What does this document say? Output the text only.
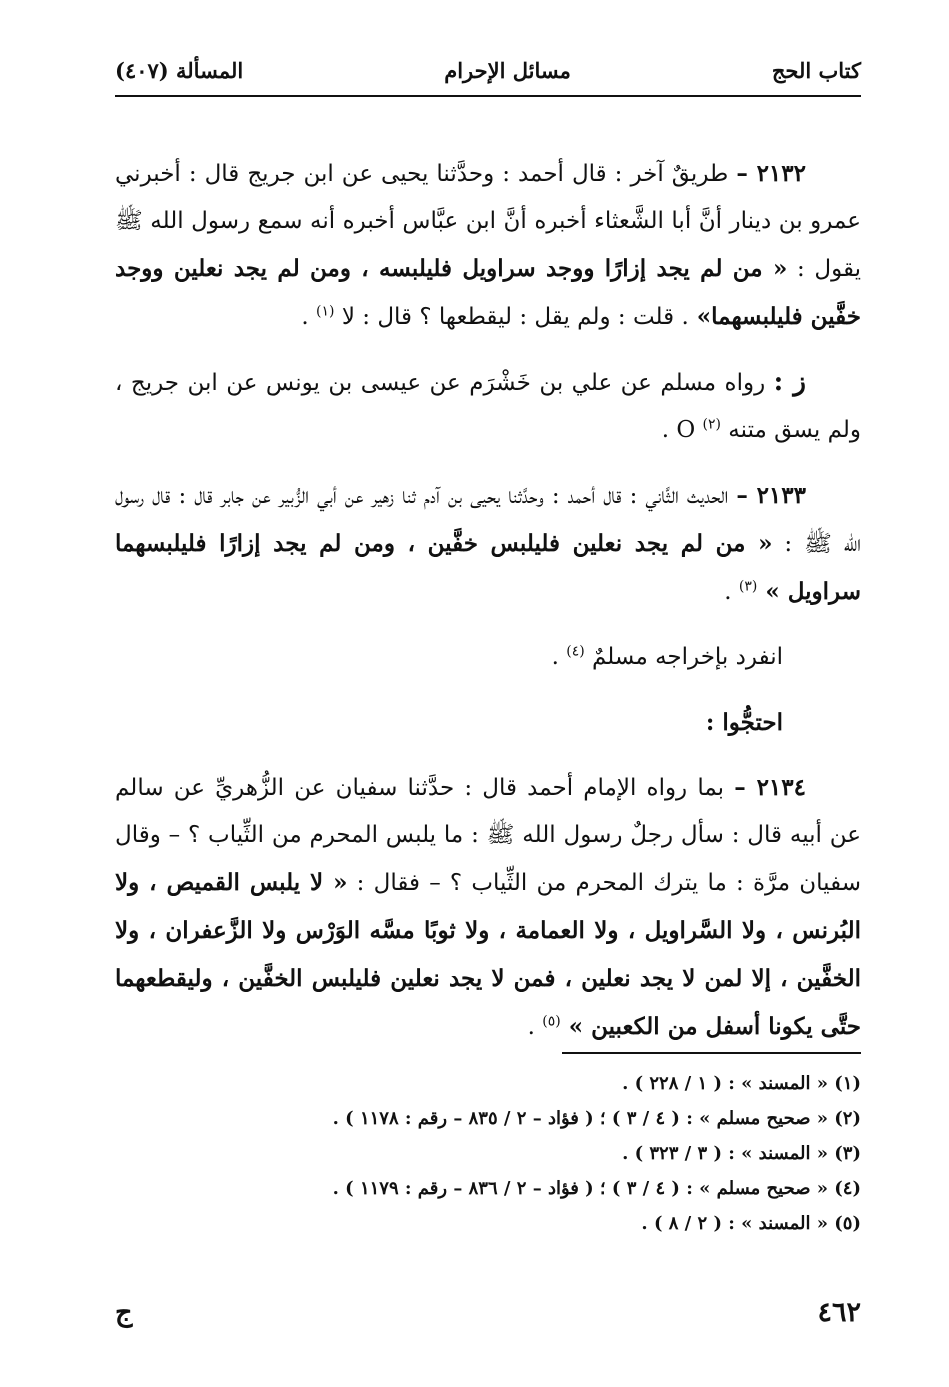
كتاب الحج
مسائل الإحرام
المسألة (٤٠٧)

٢١٣٢ – طريقٌ آخر : قال أحمد : وحدَّثنا يحيى عن ابن جريج قال : أخبرني عمرو بن دينار أنَّ أبا الشَّعثاء أخبره أنَّ ابن عبَّاس أخبره أنه سمع رسول الله ﷺ يقول : « من لم يجد إزارًا ووجد سراويل فليلبسه ، ومن لم يجد نعلين ووجد خفَّين فليلبسهما» . قلت : ولم يقل : ليقطعها ؟ قال : لا $^{(١)}$ .

ز : رواه مسلم عن علي بن خَشْرَم عن عيسى بن يونس عن ابن جريج ، ولم يسق متنه $^{(٢)}$ O .

٢١٣٣ – الحديث الثَّاني : قال أحمد : وحدَّثنا يحيى بن آدم ثنا زهير عن أبي الزُّبير عن جابر قال : قال رسول الله ﷺ : « من لم يجد نعلين فليلبس خفَّين ، ومن لم يجد إزارًا فليلبسهما سراويل » $^{(٣)}$ .

انفرد بإخراجه مسلمٌ $^{(٤)}$ .

احتجُّوا :

٢١٣٤ – بما رواه الإمام أحمد قال : حدَّثنا سفيان عن الزُّهريِّ عن سالم عن أبيه قال : سأل رجلٌ رسول الله ﷺ : ما يلبس المحرم من الثِّياب ؟ – وقال سفيان مرَّة : ما يترك المحرم من الثِّياب ؟ – فقال : « لا يلبس القميص ، ولا البُرنس ، ولا السَّراويل ، ولا العمامة ، ولا ثوبًا مسَّه الوَرْس ولا الزَّعفران ، ولا الخفَّين ، إلا لمن لا يجد نعلين ، فمن لا يجد نعلين فليلبس الخفَّين ، وليقطعهما حتَّى يكونا أسفل من الكعبين » $^{(٥)}$ .

(١) « المسند » : ( ١ / ٢٢٨ ) .
(٢) « صحيح مسلم » : ( ٤ / ٣ ) ؛ ( فؤاد – ٢ / ٨٣٥ – رقم : ١١٧٨ ) .
(٣) « المسند » : ( ٣ / ٣٢٣ ) .
(٤) « صحيح مسلم » : ( ٤ / ٣ ) ؛ ( فؤاد – ٢ / ٨٣٦ – رقم : ١١٧٩ ) .
(٥) « المسند » : ( ٢ / ٨ ) .
٤٦٢
ج
